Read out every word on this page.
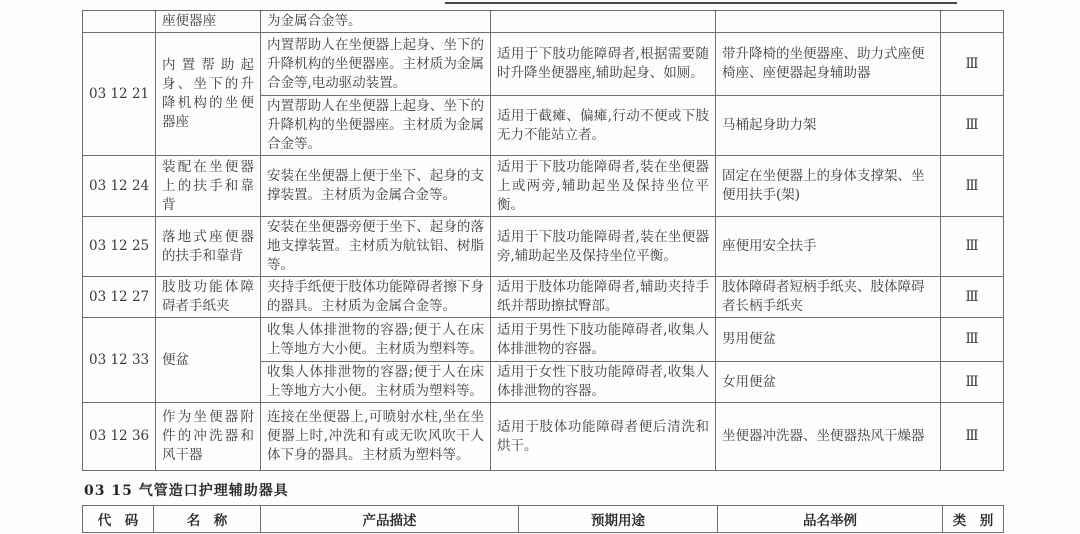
	座便器座	为金属合金等。			
03 12 21	内置帮助起身、坐下的升降机构的坐便器座	内置帮助人在坐便器上起身、坐下的升降机构的坐便器座。主材质为金属合金等,电动驱动装置。	适用于下肢功能障碍者,根据需要随时升降坐便器座,辅助起身、如厕。	带升降椅的坐便器座、助力式座便椅座、座便器起身辅助器	Ⅲ
		内置帮助人在坐便器上起身、坐下的升降机构的坐便器座。主材质为金属合金等。	适用于截瘫、偏瘫,行动不便或下肢无力不能站立者。	马桶起身助力架	Ⅲ
03 12 24	装配在坐便器上的扶手和靠背	安装在坐便器上便于坐下、起身的支撑装置。主材质为金属合金等。	适用于下肢功能障碍者,装在坐便器上或两旁,辅助起坐及保持坐位平衡。	固定在坐便器上的身体支撑架、坐便用扶手(架)	Ⅲ
03 12 25	落地式座便器的扶手和靠背	安装在坐便器旁便于坐下、起身的落地支撑装置。主材质为航钛铝、树脂等。	适用于下肢功能障碍者,装在坐便器旁,辅助起坐及保持坐位平衡。	座便用安全扶手	Ⅲ
03 12 27	肢肢功能体障碍者手纸夹	夹持手纸便于肢体功能障碍者擦下身的器具。主材质为金属合金等。	适用于肢体功能障碍者,辅助夹持手纸并帮助擦拭臀部。	肢体障碍者短柄手纸夹、肢体障碍者长柄手纸夹	Ⅲ
03 12 33	便盆	收集人体排泄物的容器;便于人在床上等地方大小便。主材质为塑料等。	适用于男性下肢功能障碍者,收集人体排泄物的容器。	男用便盆	Ⅲ
		收集人体排泄物的容器;便于人在床上等地方大小便。主材质为塑料等。	适用于女性下肢功能障碍者,收集人体排泄物的容器。	女用便盆	Ⅲ
03 12 36	作为坐便器附件的冲洗器和风干器	连接在坐便器上,可喷射水柱,坐在坐便器上时,冲洗和有或无吹风吹干人体下身的器具。主材质为塑料等。	适用于肢体功能障碍者便后清洗和烘干。	坐便器冲洗器、坐便器热风干燥器	Ⅲ
03 15 气管造口护理辅助器具
代　码	名　称	产品描述	预期用途	品名举例	类　别
